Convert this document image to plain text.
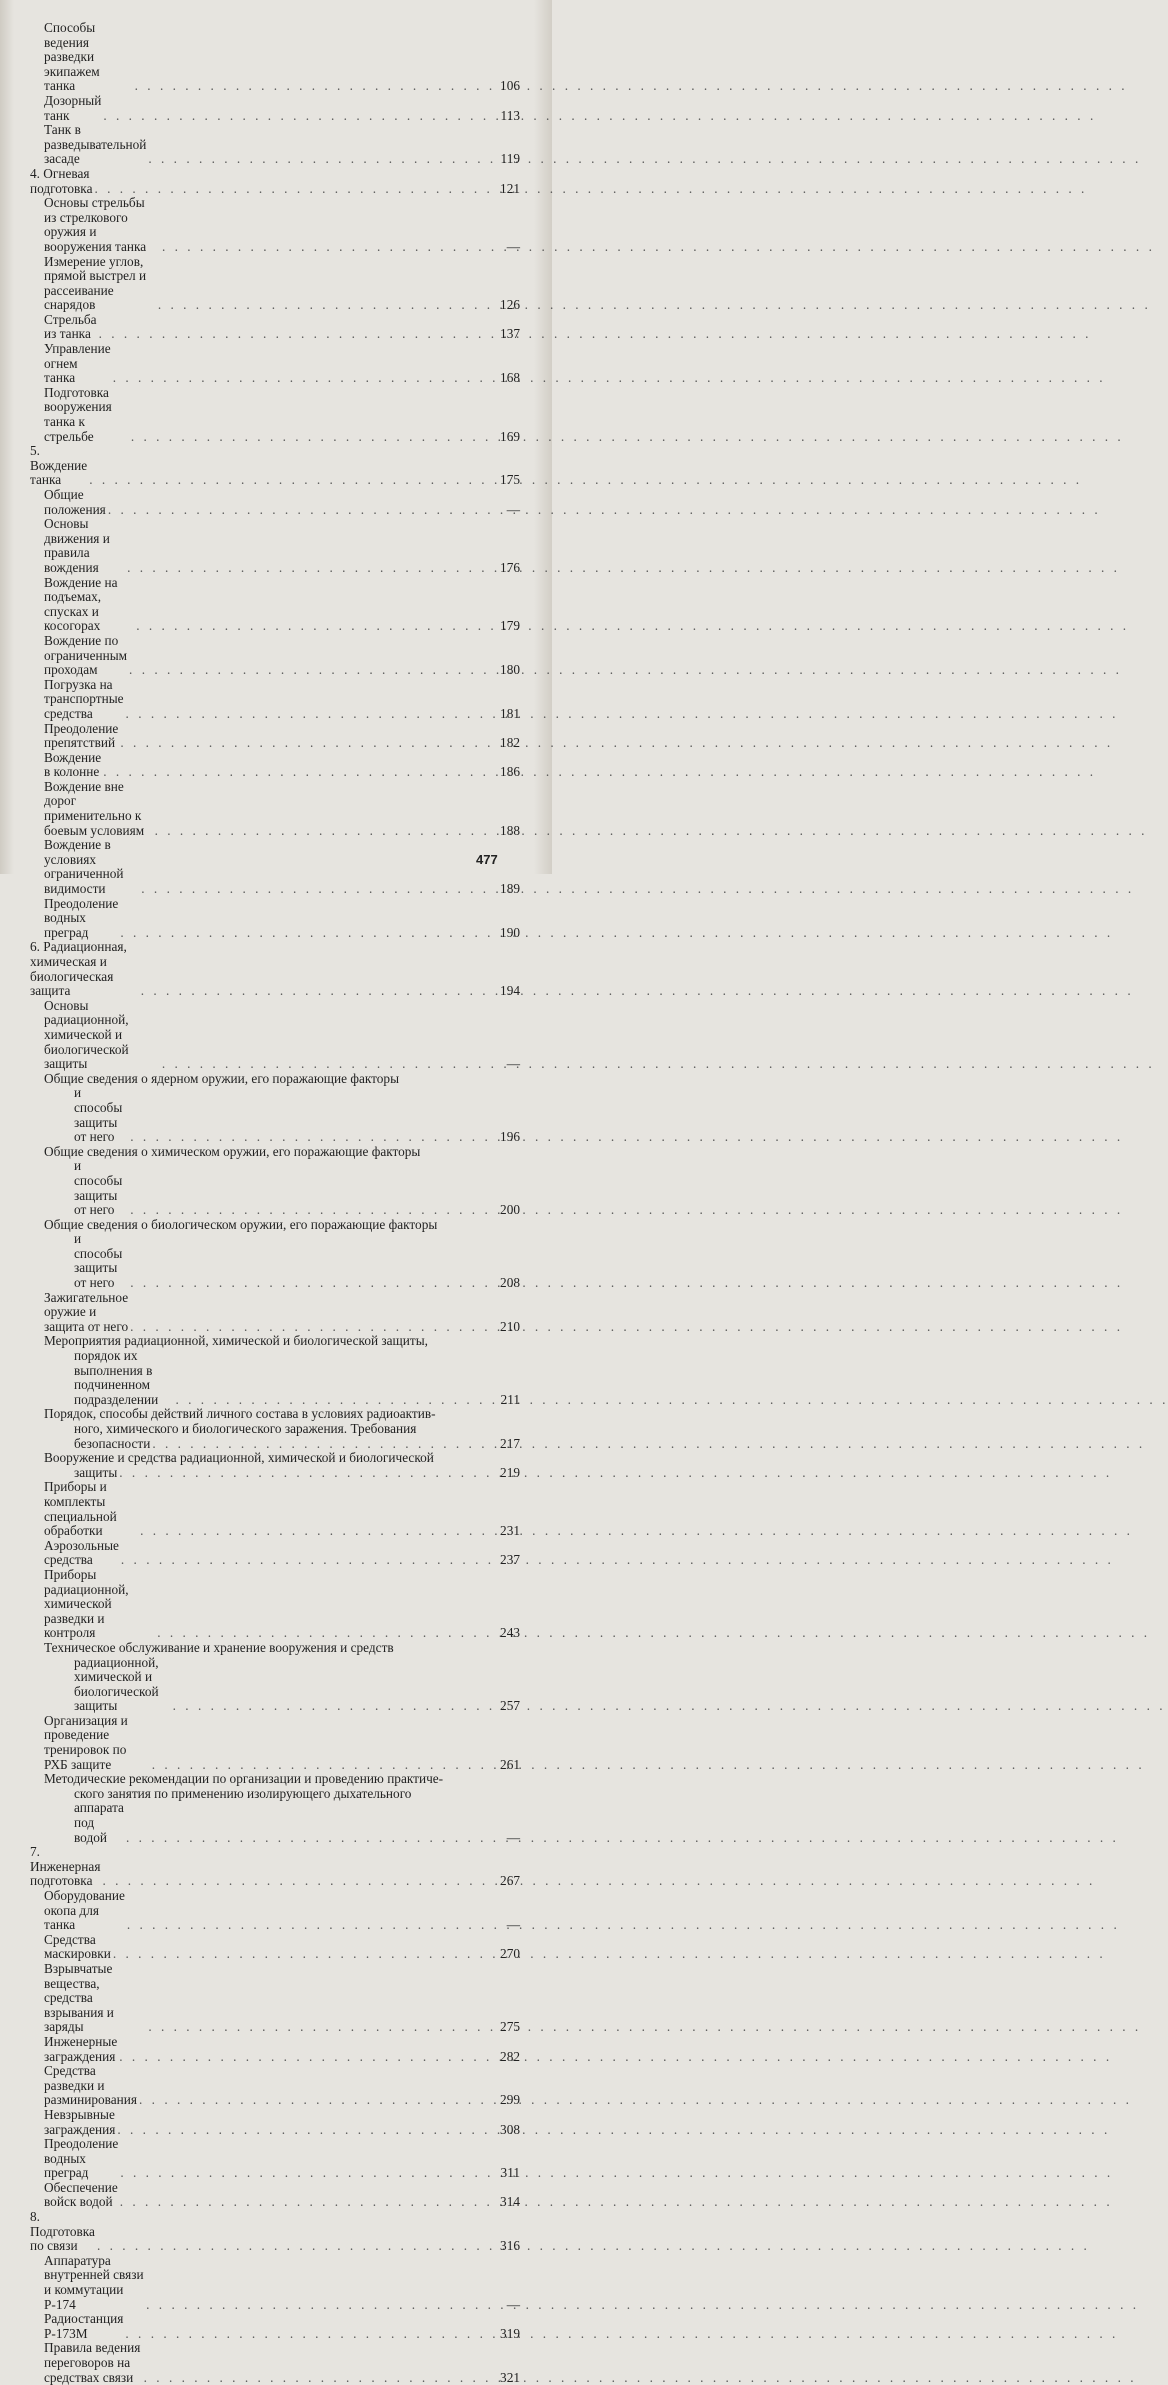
Способы ведения разведки экипажем танка . . .	106
Дозорный танк . . .	113
Танк в разведывательной засаде . . .	119
4. Огневая подготовка . . .	121
Основы стрельбы из стрелкового оружия и вооружения танка . . .	—
Измерение углов, прямой выстрел и рассеивание снарядов . . .	126
Стрельба из танка . . .	137
Управление огнем танка . . .	168
Подготовка вооружения танка к стрельбе . . .	169
5. Вождение танка . . .	175
Общие положения . . .	—
Основы движения и правила вождения . . .	176
Вождение на подъемах, спусках и косогорах . . .	179
Вождение по ограниченным проходам . . .	180
Погрузка на транспортные средства . . .	181
Преодоление препятствий . . .	182
Вождение в колонне . . .	186
Вождение вне дорог применительно к боевым условиям . . .	188
Вождение в условиях ограниченной видимости . . .	189
Преодоление водных преград . . .	190
6. Радиационная, химическая и биологическая защита . . .	194
Основы радиационной, химической и биологической защиты . . .	—
Общие сведения о ядерном оружии, его поражающие факторы
и способы защиты от него . . .	196
Общие сведения о химическом оружии, его поражающие факторы
и способы защиты от него . . .	200
Общие сведения о биологическом оружии, его поражающие факторы
и способы защиты от него . . .	208
Зажигательное оружие и защита от него . . .	210
Мероприятия радиационной, химической и биологической защиты,
порядок их выполнения в подчиненном подразделении . . .	211
Порядок, способы действий личного состава в условиях радиоактив-
ного, химического и биологического заражения. Требования
безопасности . . .	217
Вооружение и средства радиационной, химической и биологической
защиты . . .	219
Приборы и комплекты специальной обработки . . .	231
Аэрозольные средства . . .	237
Приборы радиационной, химической разведки и контроля . . .	243
Техническое обслуживание и хранение вооружения и средств
радиационной, химической и биологической защиты . . .	257
Организация и проведение тренировок по РХБ защите . . .	261
Методические рекомендации по организации и проведению практиче-
ского занятия по применению изолирующего дыхательного
аппарата под водой . . .	—
7. Инженерная подготовка . . .	267
Оборудование окопа для танка . . .	—
Средства маскировки . . .	270
Взрывчатые вещества, средства взрывания и заряды . . .	275
Инженерные заграждения . . .	282
Средства разведки и разминирования . . .	299
Невзрывные заграждения . . .	308
Преодоление водных преград . . .	311
Обеспечение войск водой . . .	314
8. Подготовка по связи . . .	316
Аппаратура внутренней связи и коммутации Р-174 . . .	—
Радиостанция Р-173М . . .	319
Правила ведения переговоров на средствах связи . . .	321
477
